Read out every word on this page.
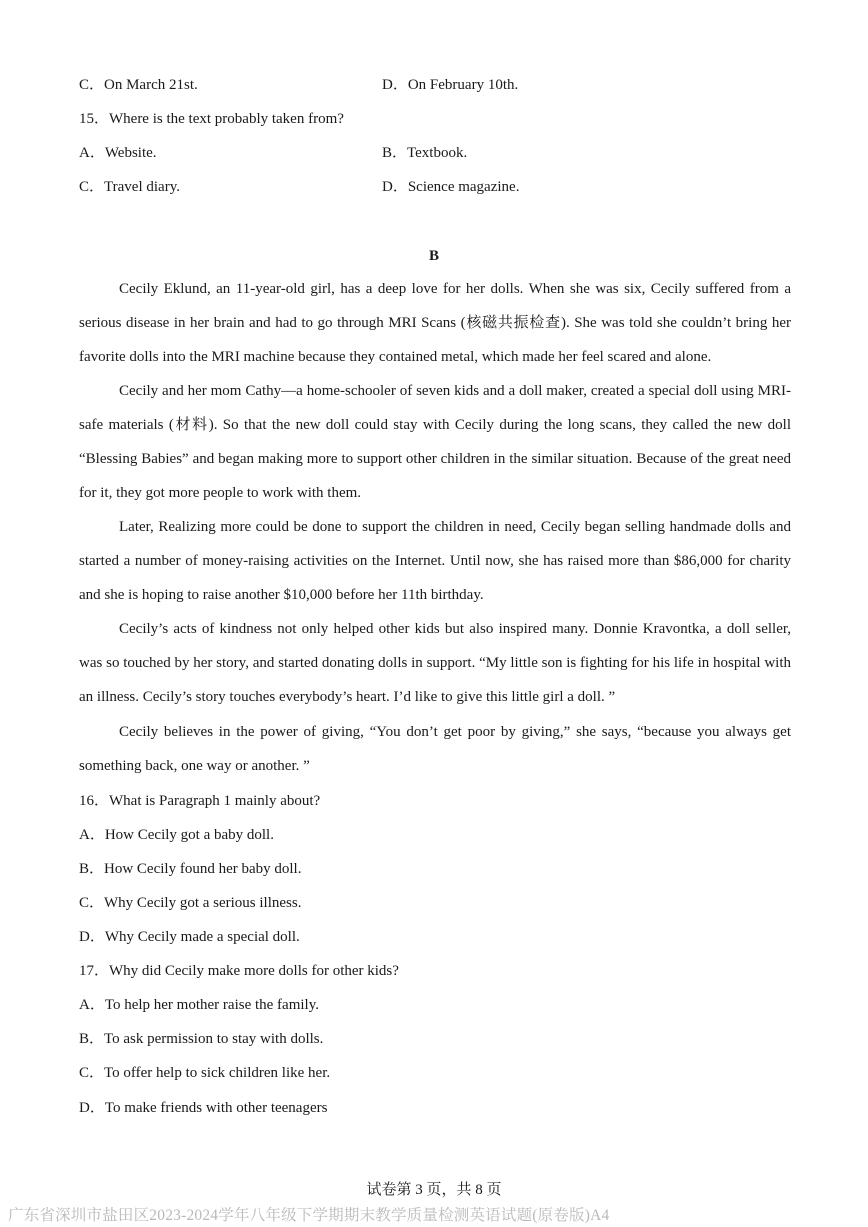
C．On March 21st.	D．On February 10th.
15．Where is the text probably taken from?
A．Website.	B．Textbook.
C．Travel diary.	D．Science magazine.
B
Cecily Eklund, an 11-year-old girl, has a deep love for her dolls. When she was six, Cecily suffered from a serious disease in her brain and had to go through MRI Scans (核磁共振检查). She was told she couldn’t bring her favorite dolls into the MRI machine because they contained metal, which made her feel scared and alone.
Cecily and her mom Cathy—a home-schooler of seven kids and a doll maker, created a special doll using MRI-safe materials (材料). So that the new doll could stay with Cecily during the long scans, they called the new doll “Blessing Babies” and began making more to support other children in the similar situation. Because of the great need for it, they got more people to work with them.
Later, Realizing more could be done to support the children in need, Cecily began selling handmade dolls and started a number of money-raising activities on the Internet. Until now, she has raised more than $86,000 for charity and she is hoping to raise another $10,000 before her 11th birthday.
Cecily’s acts of kindness not only helped other kids but also inspired many. Donnie Kravontka, a doll seller, was so touched by her story, and started donating dolls in support. “My little son is fighting for his life in hospital with an illness. Cecily’s story touches everybody’s heart. I’d like to give this little girl a doll. ”
Cecily believes in the power of giving, “You don’t get poor by giving,” she says, “because you always get something back, one way or another. ”
16．What is Paragraph 1 mainly about?
A．How Cecily got a baby doll.
B．How Cecily found her baby doll.
C．Why Cecily got a serious illness.
D．Why Cecily made a special doll.
17．Why did Cecily make more dolls for other kids?
A．To help her mother raise the family.
B．To ask permission to stay with dolls.
C．To offer help to sick children like her.
D．To make friends with other teenagers
试卷第 3 页，共 8 页
广东省深圳市盐田区2023-2024学年八年级下学期期末教学质量检测英语试题(原卷版)A4
